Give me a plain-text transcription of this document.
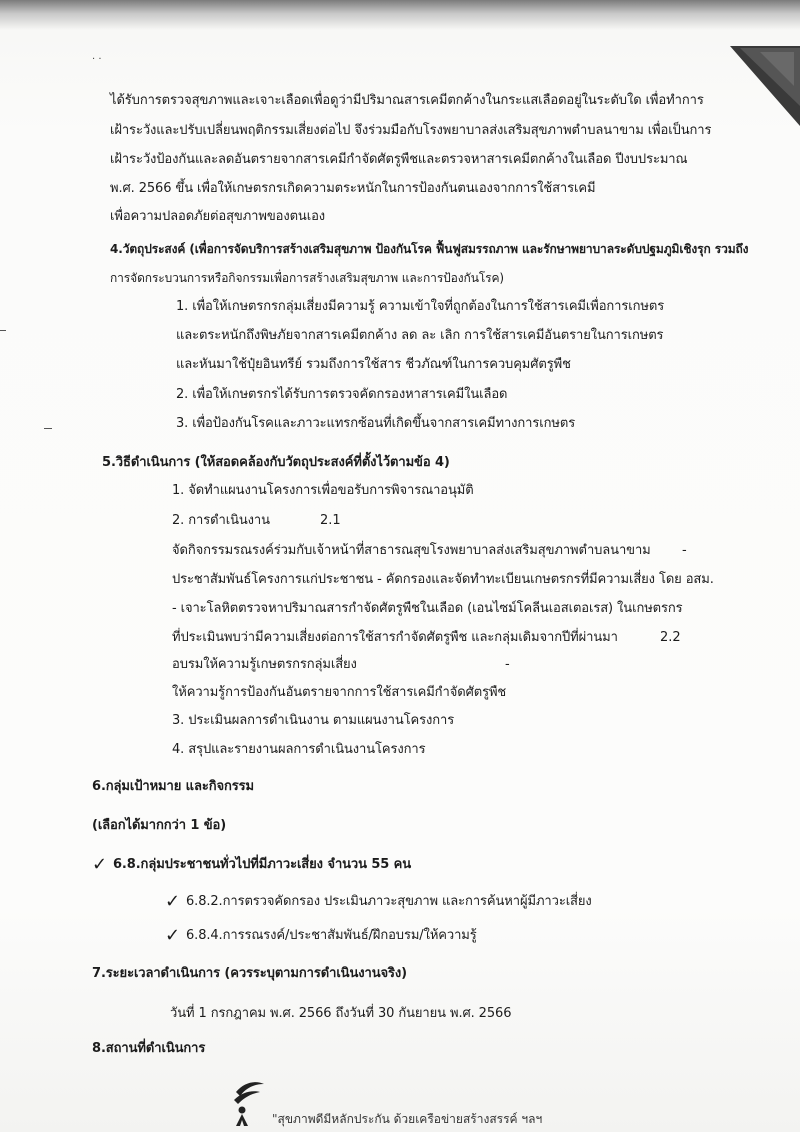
· ·
ได้รับการตรวจสุขภาพและเจาะเลือดเพื่อดูว่ามีปริมาณสารเคมีตกค้างในกระแสเลือดอยู่ในระดับใด เพื่อทำการ
เฝ้าระวังและปรับเปลี่ยนพฤติกรรมเสี่ยงต่อไป จึงร่วมมือกับโรงพยาบาลส่งเสริมสุขภาพตำบลนาขาม เพื่อเป็นการ
เฝ้าระวังป้องกันและลดอันตรายจากสารเคมีกำจัดศัตรูพืชและตรวจหาสารเคมีตกค้างในเลือด ปีงบประมาณ
พ.ศ. 2566 ขึ้น เพื่อให้เกษตรกรเกิดความตระหนักในการป้องกันตนเองจากการใช้สารเคมี
เพื่อความปลอดภัยต่อสุขภาพของตนเอง
4.วัตถุประสงค์ (เพื่อการจัดบริการสร้างเสริมสุขภาพ ป้องกันโรค ฟื้นฟูสมรรถภาพ และรักษาพยาบาลระดับปฐมภูมิเชิงรุก รวมถึง
การจัดกระบวนการหรือกิจกรรมเพื่อการสร้างเสริมสุขภาพ และการป้องกันโรค)
1. เพื่อให้เกษตรกรกลุ่มเสี่ยงมีความรู้ ความเข้าใจที่ถูกต้องในการใช้สารเคมีเพื่อการเกษตร
และตระหนักถึงพิษภัยจากสารเคมีตกค้าง ลด ละ เลิก การใช้สารเคมีอันตรายในการเกษตร
และหันมาใช้ปุ๋ยอินทรีย์ รวมถึงการใช้สาร ชีวภัณฑ์ในการควบคุมศัตรูพืช
2. เพื่อให้เกษตรกรได้รับการตรวจคัดกรองหาสารเคมีในเลือด
3. เพื่อป้องกันโรคและภาวะแทรกซ้อนที่เกิดขึ้นจากสารเคมีทางการเกษตร
5.วิธีดำเนินการ (ให้สอดคล้องกับวัตถุประสงค์ที่ตั้งไว้ตามข้อ 4)
1. จัดทำแผนงานโครงการเพื่อขอรับการพิจารณาอนุมัติ
2. การดำเนินงาน	2.1
จัดกิจกรรมรณรงค์ร่วมกับเจ้าหน้าที่สาธารณสุขโรงพยาบาลส่งเสริมสุขภาพตำบลนาขาม -
ประชาสัมพันธ์โครงการแก่ประชาชน - คัดกรองและจัดทำทะเบียนเกษตรกรที่มีความเสี่ยง โดย อสม.
- เจาะโลหิตตรวจหาปริมาณสารกำจัดศัตรูพืชในเลือด (เอนไซม์โคลีนเอสเตอเรส) ในเกษตรกร
ที่ประเมินพบว่ามีความเสี่ยงต่อการใช้สารกำจัดศัตรูพืช และกลุ่มเดิมจากปีที่ผ่านมา	2.2
อบรมให้ความรู้เกษตรกรกลุ่มเสี่ยง	-
ให้ความรู้การป้องกันอันตรายจากการใช้สารเคมีกำจัดศัตรูพืช
3. ประเมินผลการดำเนินงาน ตามแผนงานโครงการ
4. สรุปและรายงานผลการดำเนินงานโครงการ
6.กลุ่มเป้าหมาย และกิจกรรม
(เลือกได้มากกว่า 1 ข้อ)
✓ 6.8.กลุ่มประชาชนทั่วไปที่มีภาวะเสี่ยง จำนวน 55 คน
✓ 6.8.2.การตรวจคัดกรอง ประเมินภาวะสุขภาพ และการค้นหาผู้มีภาวะเสี่ยง
✓ 6.8.4.การรณรงค์/ประชาสัมพันธ์/ฝึกอบรม/ให้ความรู้
7.ระยะเวลาดำเนินการ (ควรระบุตามการดำเนินงานจริง)
วันที่ 1 กรกฎาคม พ.ศ. 2566 ถึงวันที่ 30 กันยายน พ.ศ. 2566
8.สถานที่ดำเนินการ
"สุขภาพดีมีหลักประกัน ด้วยเครือข่ายสร้างสรรค์ ฯลฯ
